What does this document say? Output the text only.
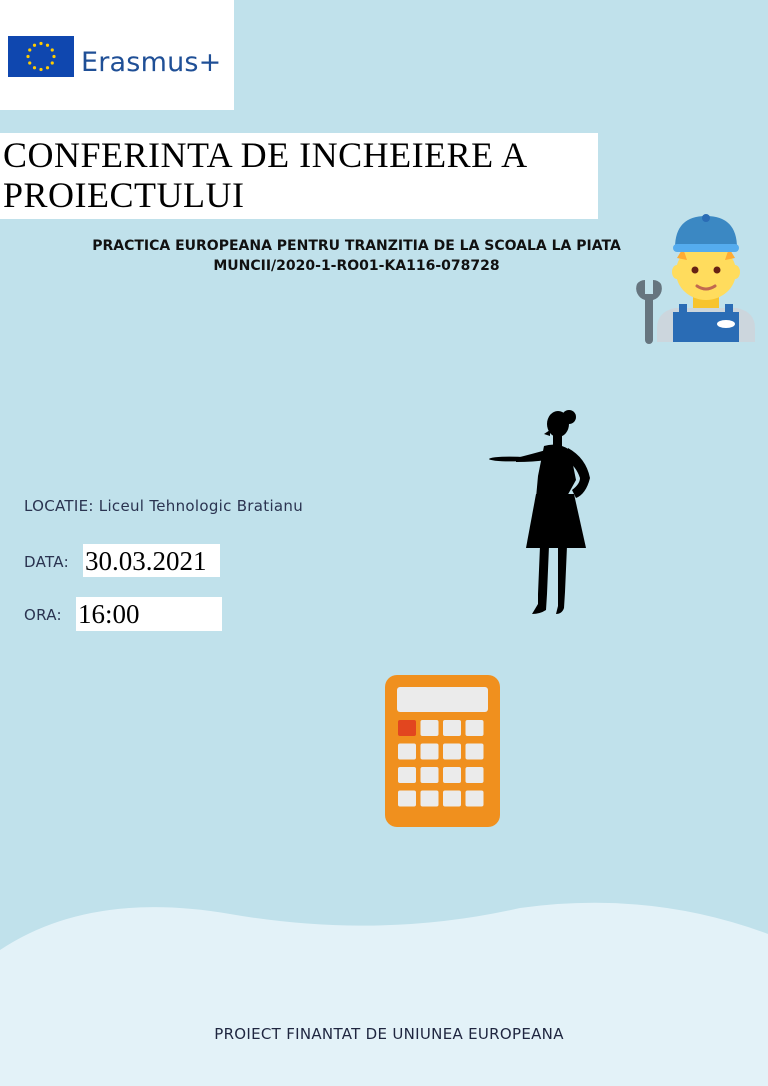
Erasmus+
CONFERINTA DE INCHEIERE A PROIECTULUI
PRACTICA EUROPEANA PENTRU TRANZITIA DE LA SCOALA LA PIATA MUNCII/2020-1-RO01-KA116-078728
LOCATIE: Liceul Tehnologic Bratianu
DATA: 30.03.2021
ORA: 16:00
PROIECT FINANTAT DE UNIUNEA EUROPEANA
